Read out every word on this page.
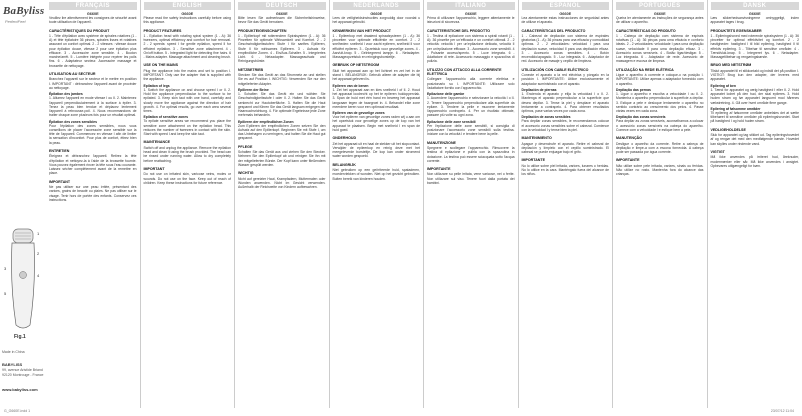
BaByliss
PerfectFeel
1
2
4
3
5
Fig.1
Made in China
BABYLISS
99, avenue Aristide Briand 92120 Montrouge - France
www.babyliss.com
FRANÇAIS
G660E

Veuillez lire attentivement les consignes de sécurité avant toute utilisation de l'appareil.

CARACTÉRISTIQUES DU PRODUIT

1 - Tête d'épilation avec système de spirales rotatives (1 - A) et tête épilatoire 36 pinces, spirales lisses et rotatives assurant un confort optimal. 2 - 2 vitesses : vitesse douce pour épilation douce, vitesse 2 pour une épilation plus efficace. 3 - Accessoire zone sensible. 4 - Bouton marche/arrêt. 5 - Lumière intégrée pour repérer les poils fins. 6 - Adaptateur secteur. Accessoire massage et brossette de nettoyage.

UTILISATION AU SECTEUR

Branchez l'appareil sur le secteur et le mettre en position I. IMPORTANT : débranchez l'appareil avant de procéder au nettoyage.

Épilation des jambes

1. Allumez l'appareil en mode vitesse I ou II. 2. Maintenez l'appareil perpendiculairement à la surface à épiler. 3. Tenez la peau bien tendue et déplacez lentement l'appareil à rebrousse-poil. 4. Nous recommandons de traiter chaque zone plusieurs fois pour un résultat optimal.

Épilation des zones sensibles

Pour l'épilation des zones sensibles, nous vous conseillons de placer l'accessoire zone sensible sur la tête de l'appareil. Commencez en vitesse I afin de limiter la sensation d'inconfort. Pour plus de confort, étirez bien la peau.

ENTRETIEN

Éteignez et débranchez l'appareil. Retirez la tête d'épilation et nettoyez-la à l'aide de la brossette fournie. Vous pouvez également rincer la tête sous l'eau courante. Laissez sécher complètement avant de la remettre en place.

IMPORTANT

Ne pas utiliser sur une peau irritée, présentant des varices, grains de beauté ou plaies. Ne pas utiliser sur le visage. Tenir hors de portée des enfants. Conservez ces instructions.

ENGLISH
G660E

Please read the safety instructions carefully before using this appliance.

PRODUCT FEATURES

1 - Epilation head with rotating spiral system (1 - A): 36 tweezers, optimal efficiency and comfort for hair removal. 2 - 2 speeds: speed I for gentle epilation, speed II for efficient epilation. 3 - Sensitive zone attachment. 4 - On/off button. 5 - Integrated light for detecting fine hairs. 6 - Mains adapter. Massage attachment and cleaning brush.

USE ON THE MAINS

Plug the appliance into the mains and set to position I. IMPORTANT: Only use the adapter that is supplied with the appliance.

Epilation of legs

1. Switch the appliance on and choose speed I or II. 2. Hold the appliance perpendicular to the surface to be epilated. 3. Keep skin taut with one hand, carefully and slowly move the appliance against the direction of hair growth. 4. For optimal results, go over each area several times.

Epilation of sensitive zones

To epilate sensitive areas we recommend you place the sensitive zone attachment on the epilation head. This reduces the number of tweezers in contact with the skin. Start with speed I and keep the skin taut.

MAINTENANCE

Switch off and unplug the appliance. Remove the epilation head and clean it using the brush provided. The head can be rinsed under running water. Allow to dry completely before reattaching.

IMPORTANT

Do not use on irritated skin, varicose veins, moles or wounds. Do not use on the face. Keep out of reach of children. Keep these instructions for future reference.

DEUTSCH
G660E

Bitte lesen Sie aufmerksam die Sicherheitshinweise, bevor Sie das Gerät benutzen.

PRODUKTEIGENSCHAFTEN

1 - Epilierkopf mit rotierendem Spiralsystem (1 - A): 36 Pinzetten für optimale Wirksamkeit und Komfort. 2 - 2 Geschwindigkeitsstufen: Stufe I für sanftes Epilieren, Stufe II für wirksames Epilieren. 3 - Aufsatz für empfindliche Zonen. 4 - Ein/Aus-Schalter. 5 - Integriertes Licht. 6 - Netzadapter. Massageaufsatz und Reinigungsbürste.

NETZBETRIEB

Stecken Sie das Gerät an das Stromnetz an und stellen Sie es auf Position I. WICHTIG: Verwenden Sie nur den mitgelieferten Adapter.

Epilieren der Beine

1. Schalten Sie das Gerät ein und wählen Sie Geschwindigkeitsstufe I oder II. 2. Halten Sie das Gerät senkrecht zur Hautoberfläche. 3. Halten Sie die Haut gespannt und führen Sie das Gerät langsam entgegen der Haarwuchsrichtung. 4. Für optimale Ergebnisse jede Zone mehrmals behandeln.

Epilieren der empfindlichen Zonen

Zum Epilieren der empfindlichen Zonen setzen Sie den Aufsatz auf den Epilierkopf. Beginnen Sie mit Stufe I, um das Unbehagen zu verringern, und halten Sie die Haut gut gespannt.

PFLEGE

Schalten Sie das Gerät aus und ziehen Sie den Stecker. Nehmen Sie den Epilierkopf ab und reinigen Sie ihn mit der mitgelieferten Bürste. Der Kopf kann unter fließendem Wasser gespült werden.

WICHTIG

Nicht auf gereizter Haut, Krampfadern, Muttermalen oder Wunden anwenden. Nicht im Gesicht verwenden. Außerhalb der Reichweite von Kindern aufbewahren.

NEDERLANDS
G660E

Lees de veiligheidsinstructies zorgvuldig door voordat u het apparaat gebruikt.

KENMERKEN VAN HET PRODUCT

1 - Epileerkop met draaiend spiraalsysteem (1 - A): 36 pincetten voor optimale efficiëntie en comfort. 2 - 2 snelheden: snelheid I voor zacht epileren, snelheid II voor efficiënt epileren. 3 - Opzetstuk voor gevoelige zones. 4 - Aan/uit-knop. 5 - Geïntegreerd lampje. 6 - Netadapter. Massageopzetstuk en reinigingsborsteltje.

GEBRUIK OP NETSTROOM

Sluit het apparaat aan op het lichtnet en zet het in de stand I. BELANGRIJK: Gebruik alleen de adapter die bij het apparaat geleverd is.

Epileren van de benen

1. Zet het apparaat aan en kies snelheid I of II. 2. Houd het apparaat loodrecht op het te epileren huidoppervlak. 3. Span de huid met één hand en beweeg het apparaat langzaam tegen de haargroei in. 4. Behandel elke zone meerdere keren voor een optimaal resultaat.

Epileren van de gevoelige zones

Voor het epileren van gevoelige zones raden wij u aan om het opzetstuk voor gevoelige zones op de kop van het apparaat te plaatsen. Begin met snelheid I en span de huid goed.

ONDERHOUD

Zet het apparaat uit en haal de stekker uit het stopcontact. Verwijder de epileerkop en reinig deze met het meegeleverde borsteltje. De kop kan onder stromend water worden gespoeld.

BELANGRIJK

Niet gebruiken op een geïrriteerde huid, spataderen, moedervlekken of wonden. Niet op het gezicht gebruiken. Buiten bereik van kinderen houden.

ITALIANO
G660E

Prima di utilizzare l'apparecchio, leggere attentamente le istruzioni di sicurezza.

CARATTERISTICHE DEL PRODOTTO

1 - Testina di epilazione con sistema a spirali rotanti (1 - A): 36 pinzette per un'efficacia e un comfort ottimali. 2 - 2 velocità: velocità I per un'epilazione delicata, velocità II per un'epilazione efficace. 3 - Accessorio zone sensibili. 4 - Pulsante acceso/spento. 5 - Luce integrata. 6 - Adattatore di rete. Accessorio massaggio e spazzolina di pulizia.

UTILIZZO CON ATTACCO ALLA CORRENTE ELETTRICA

Collegare l'apparecchio alla corrente elettrica e posizionarlo su I. IMPORTANTE: Utilizzare solo l'adattatore fornito con l'apparecchio.

Epilazione delle gambe

1. Accendere l'apparecchio e selezionare la velocità I o II. 2. Tenere l'apparecchio perpendicolare alla superficie da epilare. 3. Tendere la pelle e muovere lentamente l'apparecchio contropelo. 4. Per un risultato ottimale, passare più volte su ogni zona.

Epilazione delle zone sensibili

Per l'epilazione delle zone sensibili, si consiglia di posizionare l'accessorio zone sensibili sulla testina. Iniziare con la velocità I e tendere bene la pelle.

MANUTENZIONE

Spegnere e scollegare l'apparecchio. Rimuovere la testina di epilazione e pulirla con la spazzolina in dotazione. La testina può essere sciacquata sotto l'acqua corrente.

IMPORTANTE

Non utilizzare su pelle irritata, vene varicose, nei o ferite. Non utilizzare sul viso. Tenere fuori dalla portata dei bambini.

ESPAÑOL
G660E

Lea atentamente estas instrucciones de seguridad antes de utilizar el aparato.

CARACTERÍSTICAS DEL PRODUCTO

1 - Cabezal de depilación con sistema de espirales giratorias (1 - A): 36 pinzas para una eficacia y comodidad óptimas. 2 - 2 velocidades: velocidad I para una depilación suave, velocidad II para una depilación eficaz. 3 - Accesorio zonas sensibles. 4 - Botón encendido/apagado. 5 - Luz integrada. 6 - Adaptador de red. Accesorio de masaje y cepillo de limpieza.

UTILIZACIÓN CON CABLE ELÉCTRICO

Conecte el aparato a la red eléctrica y póngalo en la posición I. IMPORTANTE: Utilice exclusivamente el adaptador suministrado con el aparato.

Depilación de piernas

1. Encienda el aparato y elija la velocidad I o II. 2. Mantenga el aparato perpendicular a la superficie que desea depilar. 3. Tense la piel y desplace el aparato lentamente a contrapelo. 4. Para obtener resultados óptimos, pase varias veces por cada zona.

Depilación de zonas sensibles

Para depilar zonas sensibles, le recomendamos colocar el accesorio zonas sensibles sobre el cabezal. Comience con la velocidad I y tense bien la piel.

MANTENIMIENTO

Apague y desenchufe el aparato. Retire el cabezal de depilación y límpielo con el cepillo suministrado. El cabezal se puede enjuagar bajo el grifo.

IMPORTANTE

No lo utilice sobre piel irritada, varices, lunares o heridas. No lo utilice en la cara. Manténgalo fuera del alcance de los niños.

PORTUGUÊS
G660E

Queira ler atentamente as instruções de segurança antes de utilizar o aparelho.

CARACTERÍSTICAS DO PRODUTO

1 - Cabeça de depilação com sistema de espirais rotativas (1 - A): 36 pinças para uma eficácia e conforto ideais. 2 - 2 velocidades: velocidade I para uma depilação suave, velocidade II para uma depilação eficaz. 3 - Acessório zonas sensíveis. 4 - Botão ligar/desligar. 5 - Luz integrada. 6 - Adaptador de rede. Acessório de massagem e escova de limpeza.

UTILIZAÇÃO NA REDE ELÉTRICA

Ligue o aparelho à corrente e coloque-o na posição I. IMPORTANTE: Utilize apenas o adaptador fornecido com o aparelho.

Depilação das pernas

1. Ligue o aparelho e escolha a velocidade I ou II. 2. Mantenha o aparelho perpendicular à superfície a depilar. 3. Estique a pele e desloque lentamente o aparelho no sentido contrário ao crescimento dos pelos. 4. Passe várias vezes em cada zona.

Depilação das zonas sensíveis

Para depilar as zonas sensíveis, aconselhamos a colocar o acessório zonas sensíveis na cabeça do aparelho. Comece com a velocidade I e estique bem a pele.

MANUTENÇÃO

Desligue o aparelho da corrente. Retire a cabeça de depilação e limpe-a com a escova fornecida. A cabeça pode ser passada por água corrente.

IMPORTANTE

Não utilize sobre pele irritada, varizes, sinais ou feridas. Não utilize no rosto. Mantenha fora do alcance das crianças.

DANSK
G660E

Læs sikkerhedsanvisningerne omhyggeligt, inden apparatet tages i brug.

PRODUKTETS EGENSKABER

1 - Epileringshoved med roterende spiralsystem (1 - A): 36 pincetter for optimal effektivitet og komfort. 2 - 2 hastigheder: hastighed I til blid epilering, hastighed II til effektiv epilering. 3 - Tilbehør til sensitive områder. 4 - Tænd/sluk-knap. 5 - Integreret lys. 6 - Netadapter. Massagetilbehør og rengøringsbørste.

BRUG MED NETSTRØM

Tilslut apparatet til et stikkontakt og indstil det på position I. VIGTIGT: Brug kun den adapter, der leveres med apparatet.

Epilering af ben

1. Tænd for apparatet og vælg hastighed I eller II. 2. Hold apparatet lodret på den hud, der skal epileres. 3. Hold huden stram og før apparatet langsomt mod hårenes vækstretning. 4. Gå over hvert område flere gange.

Epilering af følsomme områder

Til epilering af følsomme områder anbefales det at sætte tilbehøret til sensitive områder på epileringshovedet. Start på hastighed I og hold huden stram.

VEDLIGEHOLDELSE

Sluk for apparatet og tag stikket ud. Tag epileringshovedet af og rengør det med den medfølgende børste. Hovedet kan skylles under rindende vand.

VIGTIGT

Må ikke anvendes på irriteret hud, åreknuder, modermærker eller sår. Må ikke anvendes i ansigtet. Opbevares utilgængeligt for børn.

G_G660E.indd 1	23/07/12 11:04
